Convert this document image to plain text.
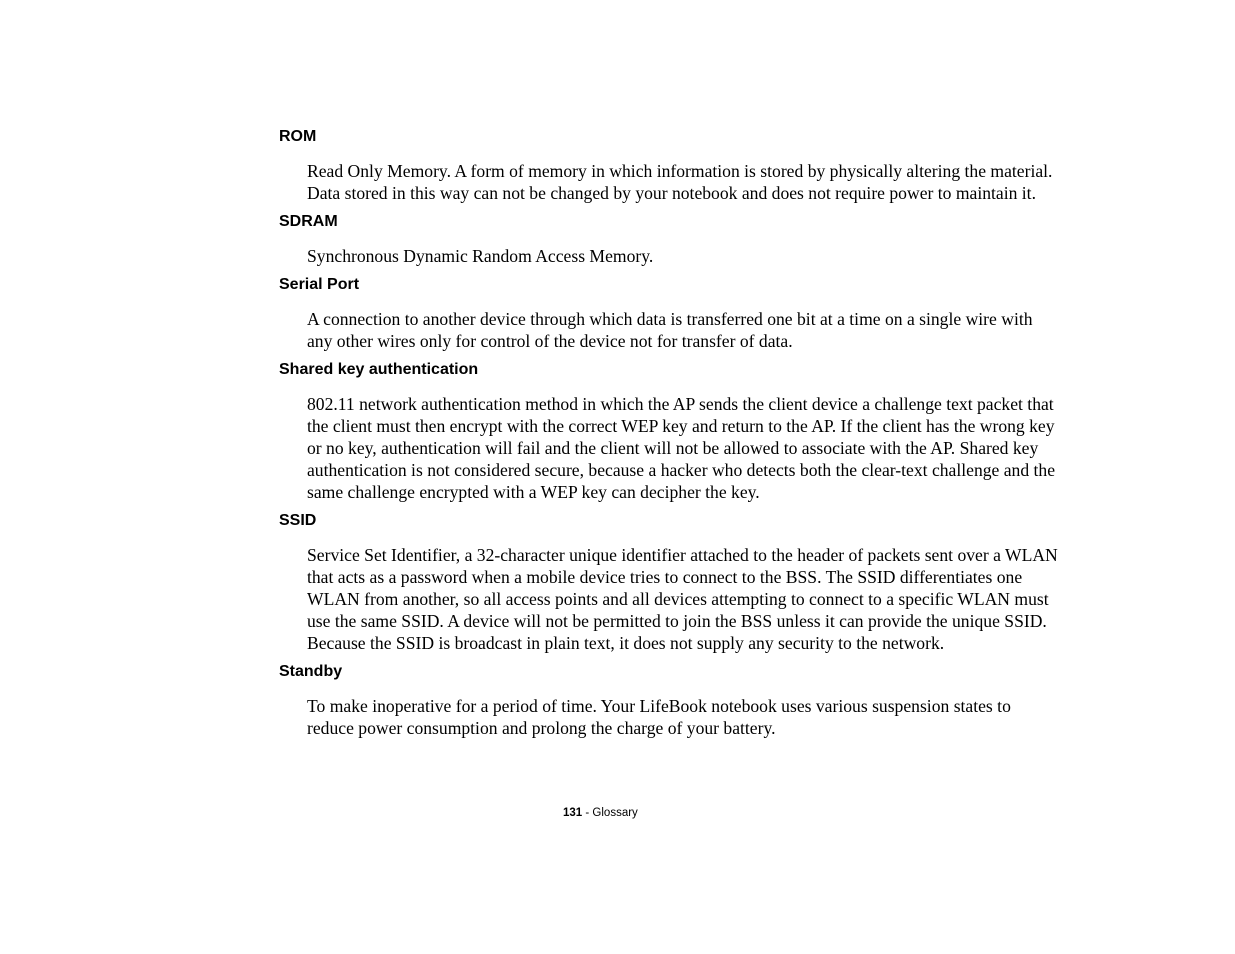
ROM

Read Only Memory. A form of memory in which information is stored by physically altering the material. Data stored in this way can not be changed by your notebook and does not require power to maintain it.

SDRAM

Synchronous Dynamic Random Access Memory.

Serial Port

A connection to another device through which data is transferred one bit at a time on a single wire with any other wires only for control of the device not for transfer of data.

Shared key authentication

802.11 network authentication method in which the AP sends the client device a challenge text packet that the client must then encrypt with the correct WEP key and return to the AP. If the client has the wrong key or no key, authentication will fail and the client will not be allowed to associate with the AP. Shared key authentication is not considered secure, because a hacker who detects both the clear-text challenge and the same challenge encrypted with a WEP key can decipher the key.

SSID

Service Set Identifier, a 32-character unique identifier attached to the header of packets sent over a WLAN that acts as a password when a mobile device tries to connect to the BSS. The SSID differentiates one WLAN from another, so all access points and all devices attempting to connect to a specific WLAN must use the same SSID. A device will not be permitted to join the BSS unless it can provide the unique SSID. Because the SSID is broadcast in plain text, it does not supply any security to the network.

Standby

To make inoperative for a period of time. Your LifeBook notebook uses various suspension states to reduce power consumption and prolong the charge of your battery.

131 - Glossary
